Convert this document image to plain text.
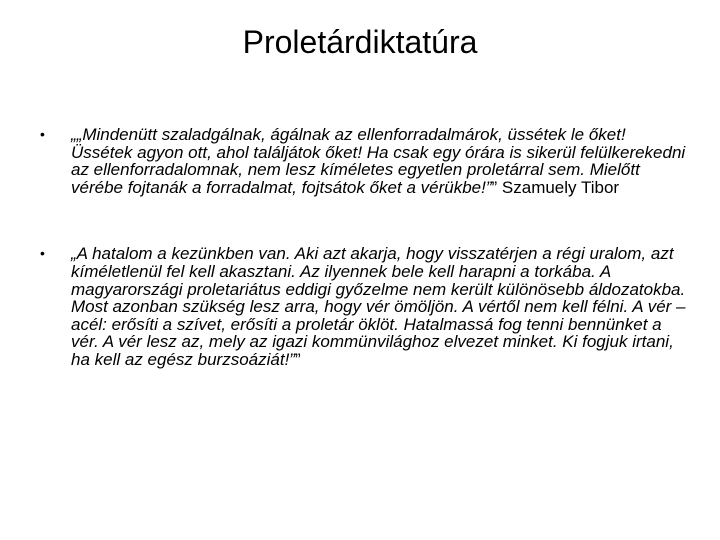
Proletárdiktatúra
• „„Mindenütt szaladgálnak, ágálnak az ellenforradalmárok, üssétek le őket! Üssétek agyon ott, ahol találjátok őket! Ha csak egy órára is sikerül felülkerekedni az ellenforradalomnak, nem lesz kíméletes egyetlen proletárral sem. Mielőtt vérébe fojtanák a forradalmat, fojtsátok őket a vérükbe!”” Szamuely Tibor
• „A hatalom a kezünkben van. Aki azt akarja, hogy visszatérjen a régi uralom, azt kíméletlenül fel kell akasztani. Az ilyennek bele kell harapni a torkába. A magyarországi proletariátus eddigi győzelme nem került különösebb áldozatokba. Most azonban szükség lesz arra, hogy vér ömöljön. A vértől nem kell félni. A vér – acél: erősíti a szívet, erősíti a proletár öklöt. Hatalmassá fog tenni bennünket a vér. A vér lesz az, mely az igazi kommünvilághoz elvezet minket. Ki fogjuk irtani, ha kell az egész burzsoáziát!””
